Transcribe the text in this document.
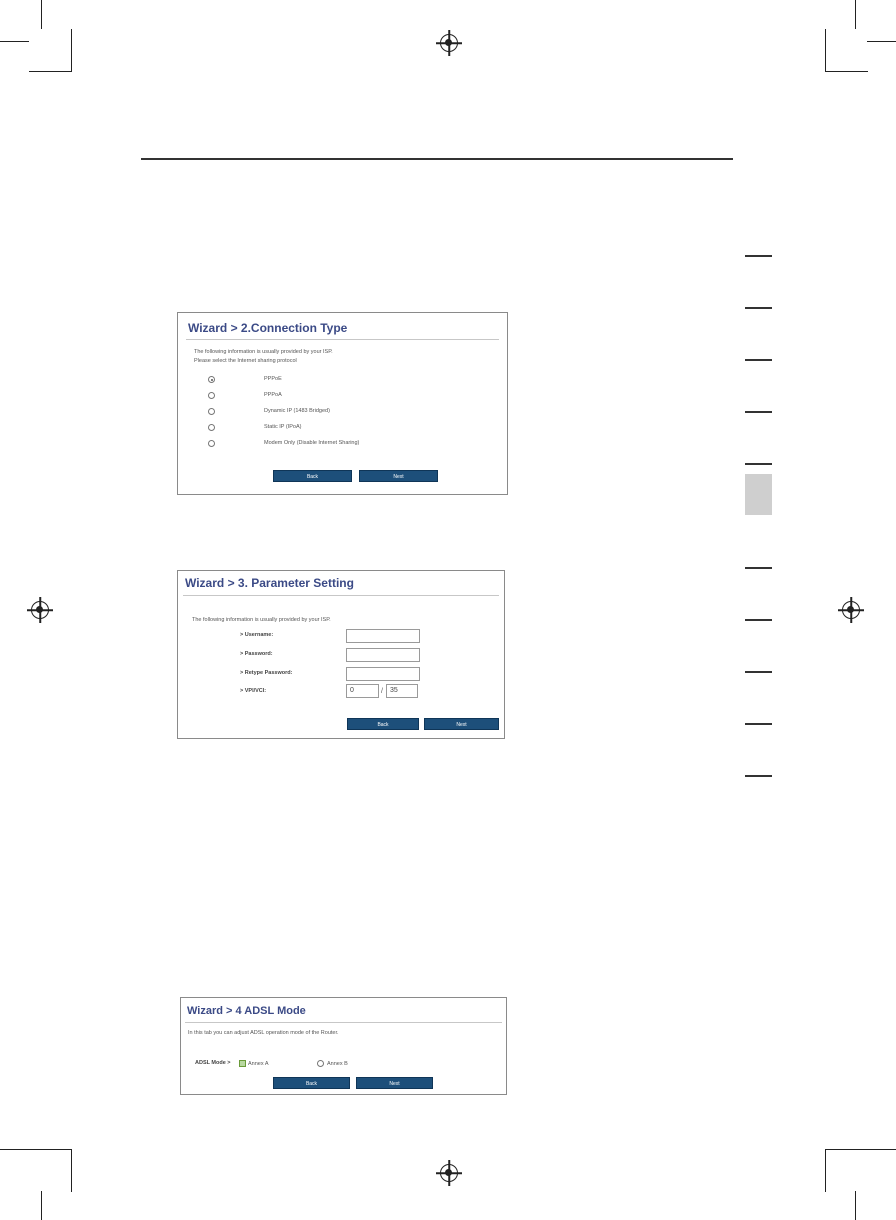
Wizard > 2.Connection Type
The following information is usually provided by your ISP.
Please select the Internet sharing protocol
PPPoE
PPPoA
Dynamic IP (1483 Bridged)
Static IP (IPoA)
Modem Only (Disable Internet Sharing)
Back	Next
Wizard > 3. Parameter Setting
The following information is usually provided by your ISP.
> Username:
> Password:
> Retype Password:
> VPI/VCI:	0	/	35
Back	Next
Wizard > 4 ADSL Mode
In this tab you can adjust ADSL operation mode of the Router.
ADSL Mode >	Annex A	Annex B
Back	Next
